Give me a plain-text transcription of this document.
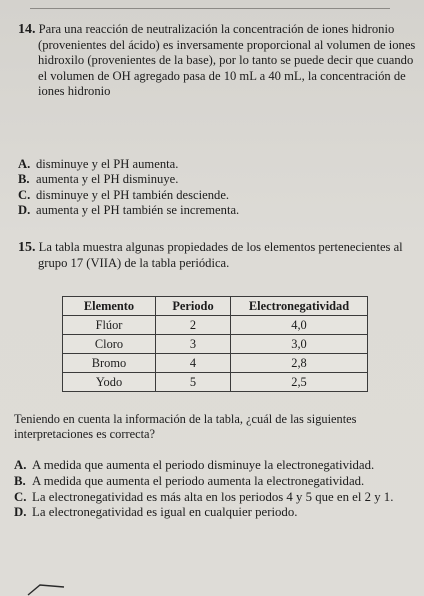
14. Para una reacción de neutralización la concentración de iones hidronio (provenientes del ácido) es inversamente proporcional al volumen de iones hidroxilo (provenientes de la base), por lo tanto se puede decir que cuando el volumen de OH agregado pasa de 10 mL a 40 mL, la concentración de iones hidronio
A. disminuye y el PH aumenta.
B. aumenta y el PH disminuye.
C. disminuye y el PH también desciende.
D. aumenta y el PH también se incrementa.
15. La tabla muestra algunas propiedades de los elementos pertenecientes al grupo 17 (VIIA) de la tabla periódica.
Elemento	Periodo	Electronegatividad
Flúor	2	4,0
Cloro	3	3,0
Bromo	4	2,8
Yodo	5	2,5
Teniendo en cuenta la información de la tabla, ¿cuál de las siguientes interpretaciones es correcta?
A. A medida que aumenta el periodo disminuye la electronegatividad.
B. A medida que aumenta el periodo aumenta la electronegatividad.
C. La electronegatividad es más alta en los periodos 4 y 5 que en el 2 y 1.
D. La electronegatividad es igual en cualquier periodo.
